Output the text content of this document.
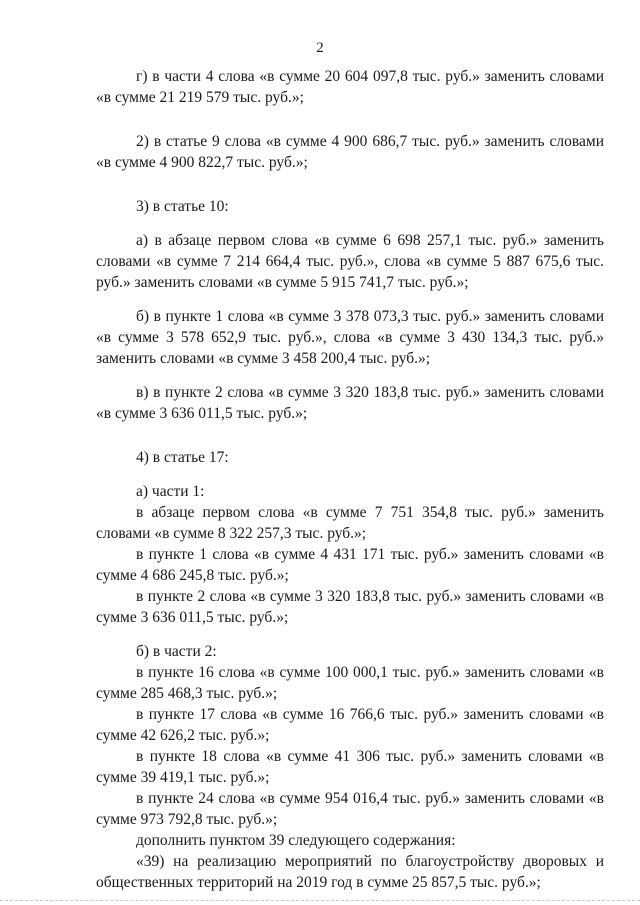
2

г) в части 4 слова «в сумме 20 604 097,8 тыс. руб.» заменить словами «в сумме 21 219 579 тыс. руб.»;

2) в статье 9 слова «в сумме 4 900 686,7 тыс. руб.» заменить словами «в сумме 4 900 822,7 тыс. руб.»;

3) в статье 10:

а) в абзаце первом слова «в сумме 6 698 257,1 тыс. руб.» заменить словами «в сумме 7 214 664,4 тыс. руб.», слова «в сумме 5 887 675,6 тыс. руб.» заменить словами «в сумме 5 915 741,7 тыс. руб.»;

б) в пункте 1 слова «в сумме 3 378 073,3 тыс. руб.» заменить словами «в сумме 3 578 652,9 тыс. руб.», слова «в сумме 3 430 134,3 тыс. руб.» заменить словами «в сумме 3 458 200,4 тыс. руб.»;

в) в пункте 2 слова «в сумме 3 320 183,8 тыс. руб.» заменить словами «в сумме 3 636 011,5 тыс. руб.»;

4) в статье 17:

а) части 1:

в абзаце первом слова «в сумме 7 751 354,8 тыс. руб.» заменить словами «в сумме 8 322 257,3 тыс. руб.»;

в пункте 1 слова «в сумме 4 431 171 тыс. руб.» заменить словами «в сумме 4 686 245,8 тыс. руб.»;

в пункте 2 слова «в сумме 3 320 183,8 тыс. руб.» заменить словами «в сумме 3 636 011,5 тыс. руб.»;

б) в части 2:

в пункте 16 слова «в сумме 100 000,1 тыс. руб.» заменить словами «в сумме 285 468,3 тыс. руб.»;

в пункте 17 слова «в сумме 16 766,6 тыс. руб.» заменить словами «в сумме 42 626,2 тыс. руб.»;

в пункте 18 слова «в сумме 41 306 тыс. руб.» заменить словами «в сумме 39 419,1 тыс. руб.»;

в пункте 24 слова «в сумме 954 016,4 тыс. руб.» заменить словами «в сумме 973 792,8 тыс. руб.»;

дополнить пунктом 39 следующего содержания:

«39) на реализацию мероприятий по благоустройству дворовых и общественных территорий на 2019 год в сумме 25 857,5 тыс. руб.»;
